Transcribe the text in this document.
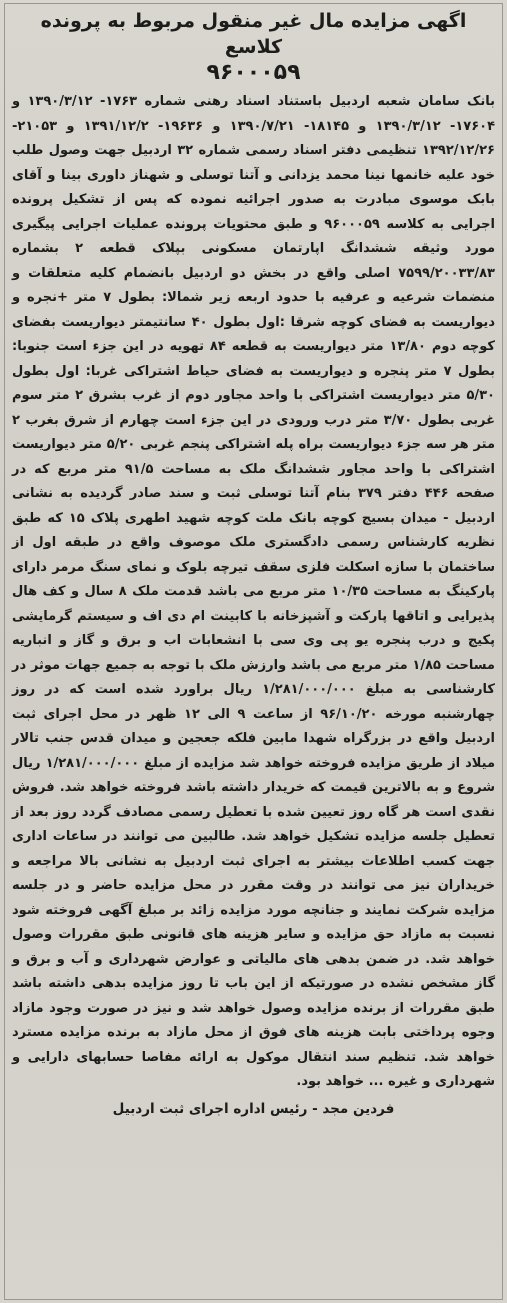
اگهی مزایده مال غیر منقول مربوط به پرونده کلاسع
۹۶۰۰۰۵۹

بانک سامان شعبه اردبیل باستناد اسناد رهنی شماره ۱۷۶۳- ۱۳۹۰/۳/۱۲ و ۱۷۶۰۴- ۱۳۹۰/۳/۱۲ و ۱۸۱۴۵- ۱۳۹۰/۷/۲۱ و ۱۹۶۳۶- ۱۳۹۱/۱۲/۲ و ۲۱۰۵۳- ۱۳۹۲/۱۲/۲۶ تنظیمی دفتر اسناد رسمی شماره ۳۲ اردبیل جهت وصول طلب خود علیه خانمها نینا محمد یزدانی و آتنا توسلی و شهناز داوری بینا و آقای بابک موسوی مبادرت به صدور اجرائیه نموده که پس از تشکیل پرونده اجرایی به کلاسه ۹۶۰۰۰۵۹ و طبق محتویات پرونده عملیات اجرایی پیگیری مورد وثیقه ششدانگ اپارتمان مسکونی بپلاک قطعه ۲ بشماره ۷۵۹۹/۲۰۰۳۳/۸۳ اصلی واقع در بخش دو اردبیل بانضمام کلیه متعلقات و منضمات شرعیه و عرفیه با حدود اربعه زیر شمالا: بطول ۷ متر +نجره و دیواریست به فضای کوچه شرقا :اول بطول ۴۰ سانتیمتر دیواریست بفضای کوچه دوم ۱۳/۸۰ متر دیواریست به قطعه ۸۴ تهویه در این جزء است جنوبا: بطول ۷ متر پنجره و دیواریست به فضای حیاط اشتراکی غربا: اول بطول ۵/۳۰ متر دیواریست اشتراکی با واحد مجاور دوم از غرب بشرق ۲ متر سوم غربی بطول ۳/۷۰ متر درب ورودی در این جزء است چهارم از شرق بغرب ۲ متر هر سه جزء دیواریست براه پله اشتراکی پنجم غربی ۵/۲۰ متر دیواریست اشتراکی با واحد مجاور ششدانگ ملک به مساحت ۹۱/۵ متر مربع که در صفحه ۴۴۶ دفتر ۳۷۹ بنام آتنا توسلی ثبت و سند صادر گردیده به نشانی اردبیل - میدان بسیج کوچه بانک ملت کوچه شهید اطهری پلاک ۱۵ که طبق نظریه کارشناس رسمی دادگستری ملک موصوف واقع در طبقه اول از ساختمان با سازه اسکلت فلزی سقف تیرچه بلوک و نمای سنگ مرمر دارای پارکینگ به مساحت ۱۰/۳۵ متر مربع می باشد قدمت ملک ۸ سال و کف هال پذیرایی و اتاقها پارکت و آشپزخانه با کابینت ام دی اف و سیستم گرمایشی پکیج و درب پنجره یو پی وی سی با انشعابات اب و برق و گاز و انباریه مساحت ۱/۸۵ متر مربع می باشد وارزش ملک با توجه به جمیع جهات موثر در کارشناسی به مبلغ ۱/۲۸۱/۰۰۰/۰۰۰ ریال براورد شده است که در روز چهارشنبه مورخه ۹۶/۱۰/۲۰ از ساعت ۹ الی ۱۲ ظهر در محل اجرای ثبت اردبیل واقع در بزرگراه شهدا مابین فلکه جعجین و میدان قدس جنب تالار میلاد از طریق مزایده فروخته خواهد شد مزایده از مبلغ ۱/۲۸۱/۰۰۰/۰۰۰ ریال شروع و به بالاترین قیمت که خریدار داشته باشد فروخته خواهد شد. فروش نقدی است هر گاه روز تعیین شده با تعطیل رسمی مصادف گردد روز بعد از تعطیل جلسه مزایده تشکیل خواهد شد. طالبین می توانند در ساعات اداری جهت کسب اطلاعات بیشتر به اجرای ثبت اردبیل به نشانی بالا مراجعه و خریداران نیز می توانند در وقت مقرر در محل مزایده حاضر و در جلسه مزایده شرکت نمایند و جنانچه مورد مزایده زائد بر مبلغ آگهی فروخته شود نسبت به مازاد حق مزایده و سایر هزینه های قانونی طبق مقررات وصول خواهد شد. در ضمن بدهی های مالیاتی و عوارض شهرداری و آب و برق و گاز مشخص نشده در صورتیکه از این باب تا روز مزایده بدهی داشته باشد طبق مقررات از برنده مزایده وصول خواهد شد و نیز در صورت وجود مازاد وجوه پرداختی بابت هزینه های فوق از محل مازاد به برنده مزایده مسترد خواهد شد. تنظیم سند انتقال موکول به ارائه مفاصا حسابهای دارایی و شهرداری و غیره ... خواهد بود.

فردین مجد - رئیس اداره اجرای ثبت اردبیل
